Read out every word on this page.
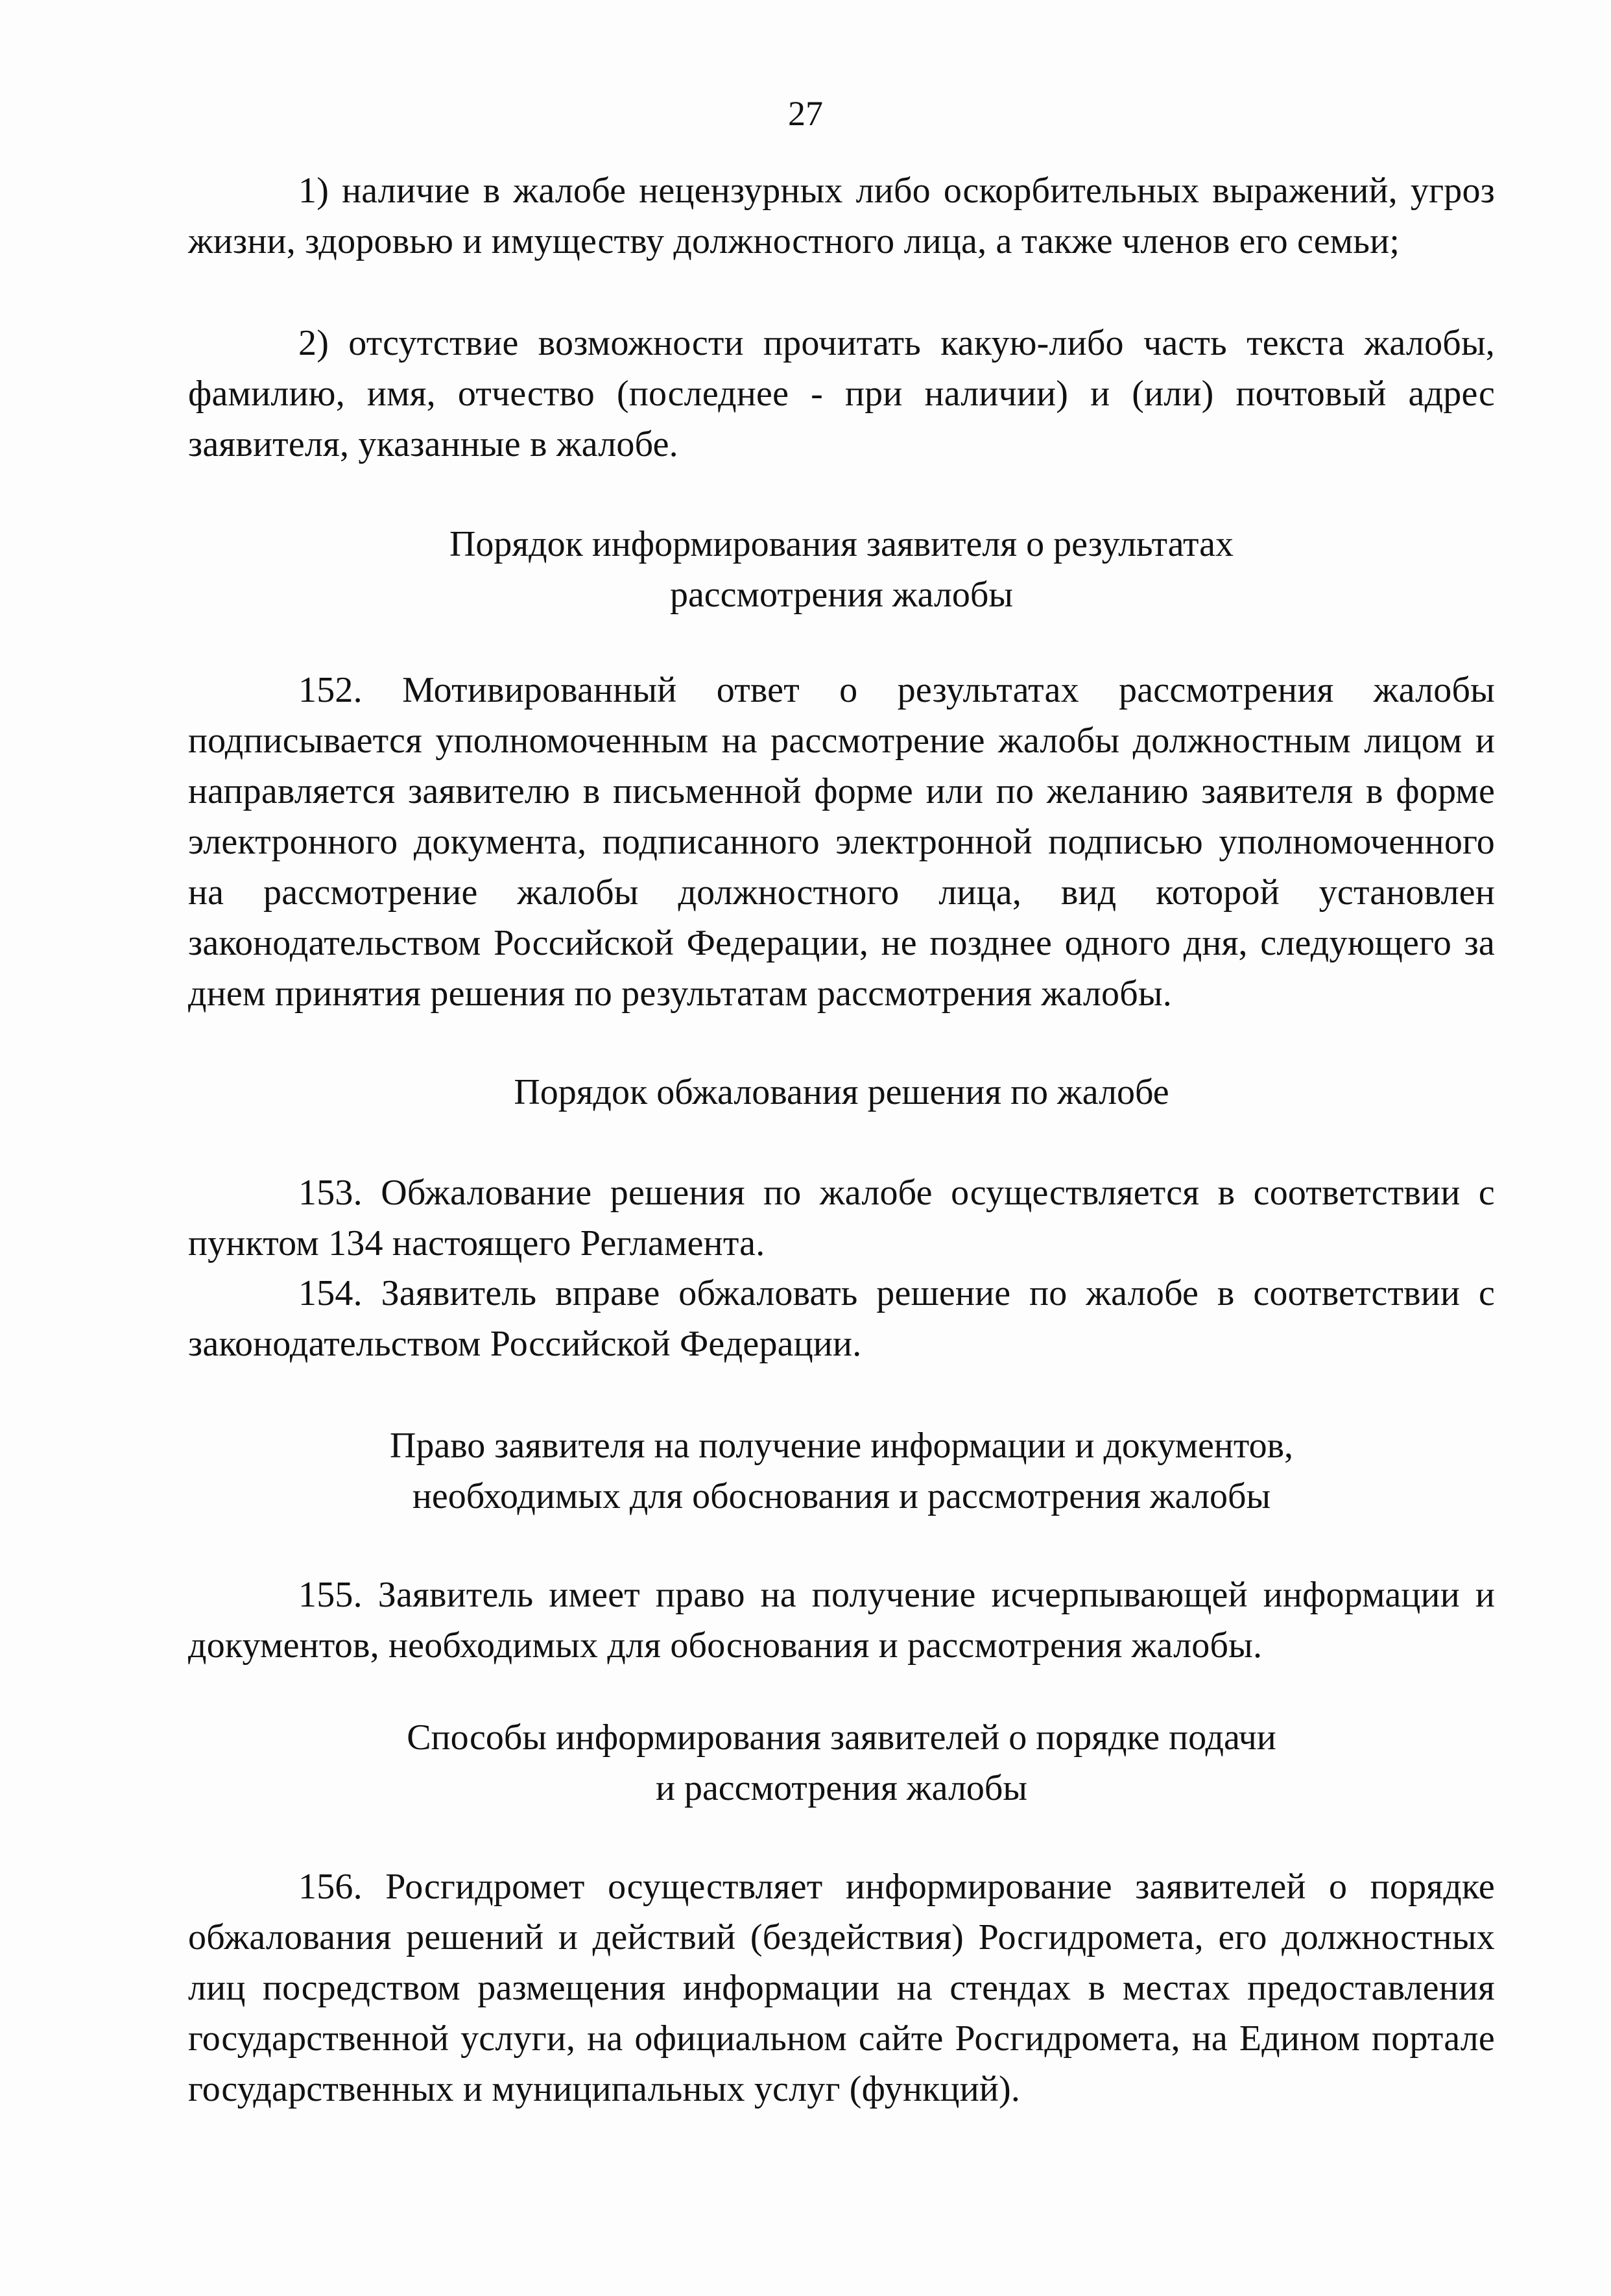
27

1) наличие в жалобе нецензурных либо оскорбительных выражений, угроз жизни, здоровью и имуществу должностного лица, а также членов его семьи;

2) отсутствие возможности прочитать какую-либо часть текста жалобы, фамилию, имя, отчество (последнее - при наличии) и (или) почтовый адрес заявителя, указанные в жалобе.

Порядок информирования заявителя о результатах
рассмотрения жалобы

152. Мотивированный ответ о результатах рассмотрения жалобы подписывается уполномоченным на рассмотрение жалобы должностным лицом и направляется заявителю в письменной форме или по желанию заявителя в форме электронного документа, подписанного электронной подписью уполномоченного на рассмотрение жалобы должностного лица, вид которой установлен законодательством Российской Федерации, не позднее одного дня, следующего за днем принятия решения по результатам рассмотрения жалобы.

Порядок обжалования решения по жалобе

153. Обжалование решения по жалобе осуществляется в соответствии с пунктом 134 настоящего Регламента.

154. Заявитель вправе обжаловать решение по жалобе в соответствии с законодательством Российской Федерации.

Право заявителя на получение информации и документов,
необходимых для обоснования и рассмотрения жалобы

155. Заявитель имеет право на получение исчерпывающей информации и документов, необходимых для обоснования и рассмотрения жалобы.

Способы информирования заявителей о порядке подачи
и рассмотрения жалобы

156. Росгидромет осуществляет информирование заявителей о порядке обжалования решений и действий (бездействия) Росгидромета, его должностных лиц посредством размещения информации на стендах в местах предоставления государственной услуги, на официальном сайте Росгидромета, на Едином портале государственных и муниципальных услуг (функций).
